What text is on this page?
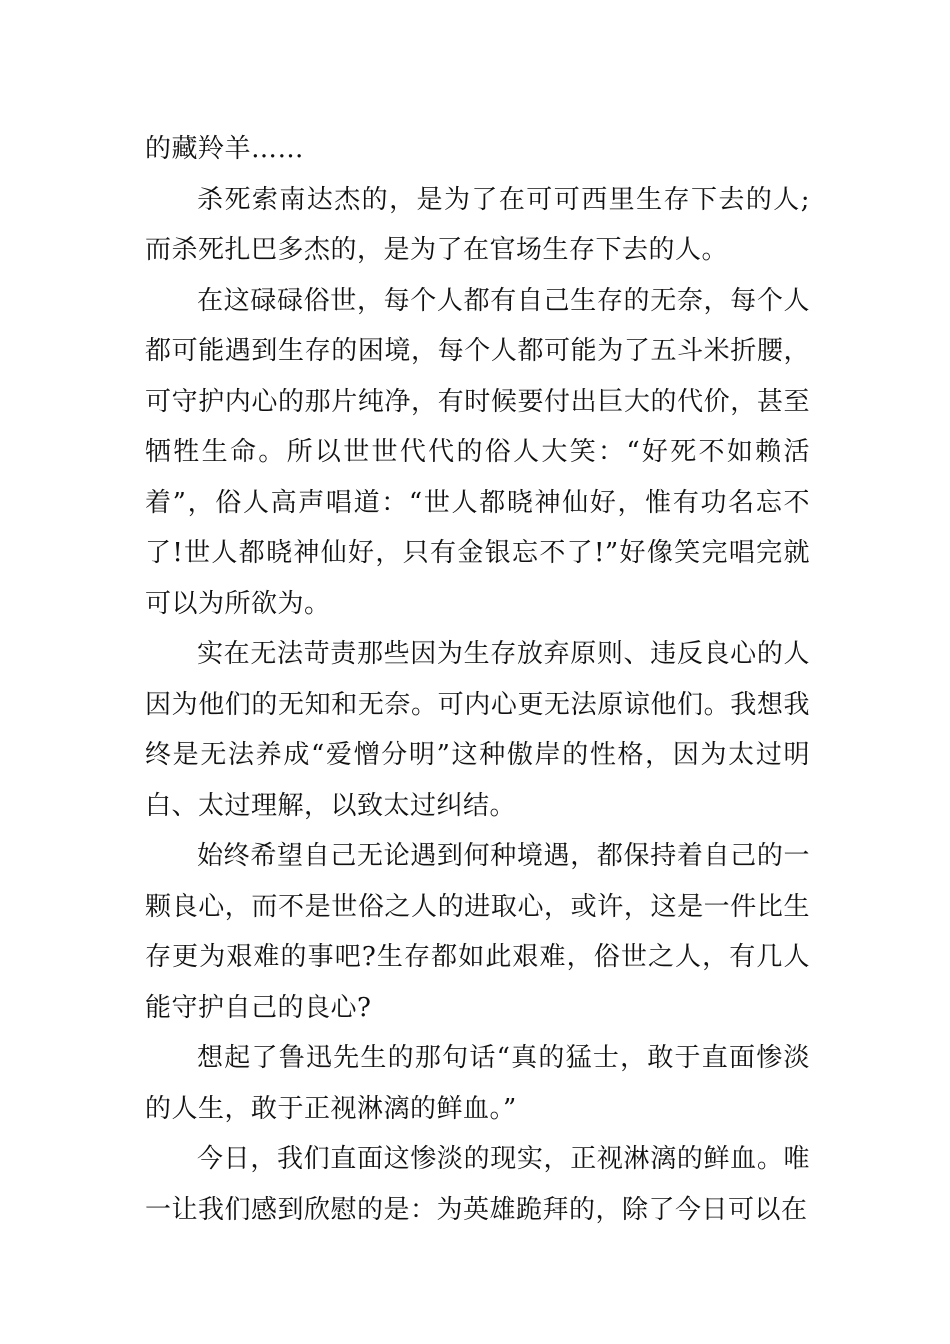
的藏羚羊……

杀死索南达杰的，是为了在可可西里生存下去的人;而杀死扎巴多杰的，是为了在官场生存下去的人。

在这碌碌俗世，每个人都有自己生存的无奈，每个人都可能遇到生存的困境，每个人都可能为了五斗米折腰，可守护内心的那片纯净，有时候要付出巨大的代价，甚至牺牲生命。所以世世代代的俗人大笑：“好死不如赖活着”，俗人高声唱道：“世人都晓神仙好，惟有功名忘不了!世人都晓神仙好，只有金银忘不了!”好像笑完唱完就可以为所欲为。

实在无法苛责那些因为生存放弃原则、违反良心的人因为他们的无知和无奈。可内心更无法原谅他们。我想我终是无法养成“爱憎分明”这种傲岸的性格，因为太过明白、太过理解，以致太过纠结。

始终希望自己无论遇到何种境遇，都保持着自己的一颗良心，而不是世俗之人的进取心，或许，这是一件比生存更为艰难的事吧?生存都如此艰难，俗世之人，有几人能守护自己的良心?

想起了鲁迅先生的那句话“真的猛士，敢于直面惨淡的人生，敢于正视淋漓的鲜血。”

今日，我们直面这惨淡的现实，正视淋漓的鲜血。唯一让我们感到欣慰的是：为英雄跪拜的，除了今日可以在
